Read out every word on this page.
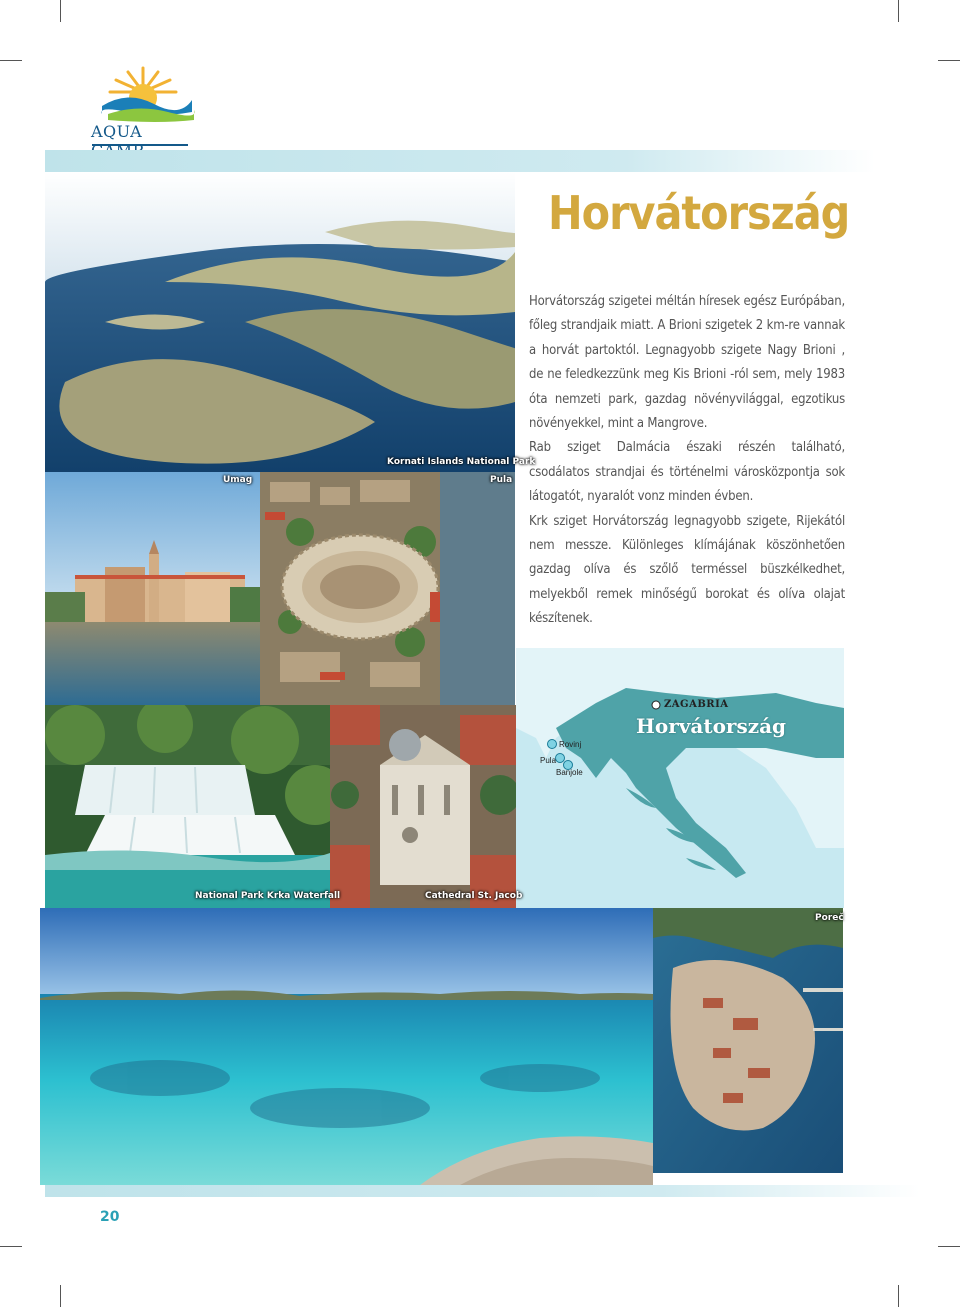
AQUA
Horvátország
Kornati Islands National Park
Umag	Pula

Horvátország szigetei méltán híresek egész Európában, főleg strandjaik miatt. A Brioni szigetek 2 km-re vannak a horvát partoktól. Legnagyobb szigete Nagy Brioni , de ne feledkezzünk meg Kis Brioni -ról sem, mely 1983 óta nemzeti park, gazdag növényvilággal, egzotikus növényekkel, mint a Mangrove.

Rab sziget Dalmácia északi részén található, csodálatos strandjai és történelmi városközpontja sok látogatót, nyaralót vonz minden évben.

Krk sziget Horvátország legnagyobb szigete, Rijekától nem messze. Különleges klímájának köszönhetően gazdag olíva és szőlő terméssel büszkélkedhet, melyekből remek minőségű borokat és olíva olajat készítenek.

ZAGABRIA
Horvátország
Rovinj
Pula
Banjole
National Park Krka Waterfall	Cathedral St. Jacob
Poreč
20
